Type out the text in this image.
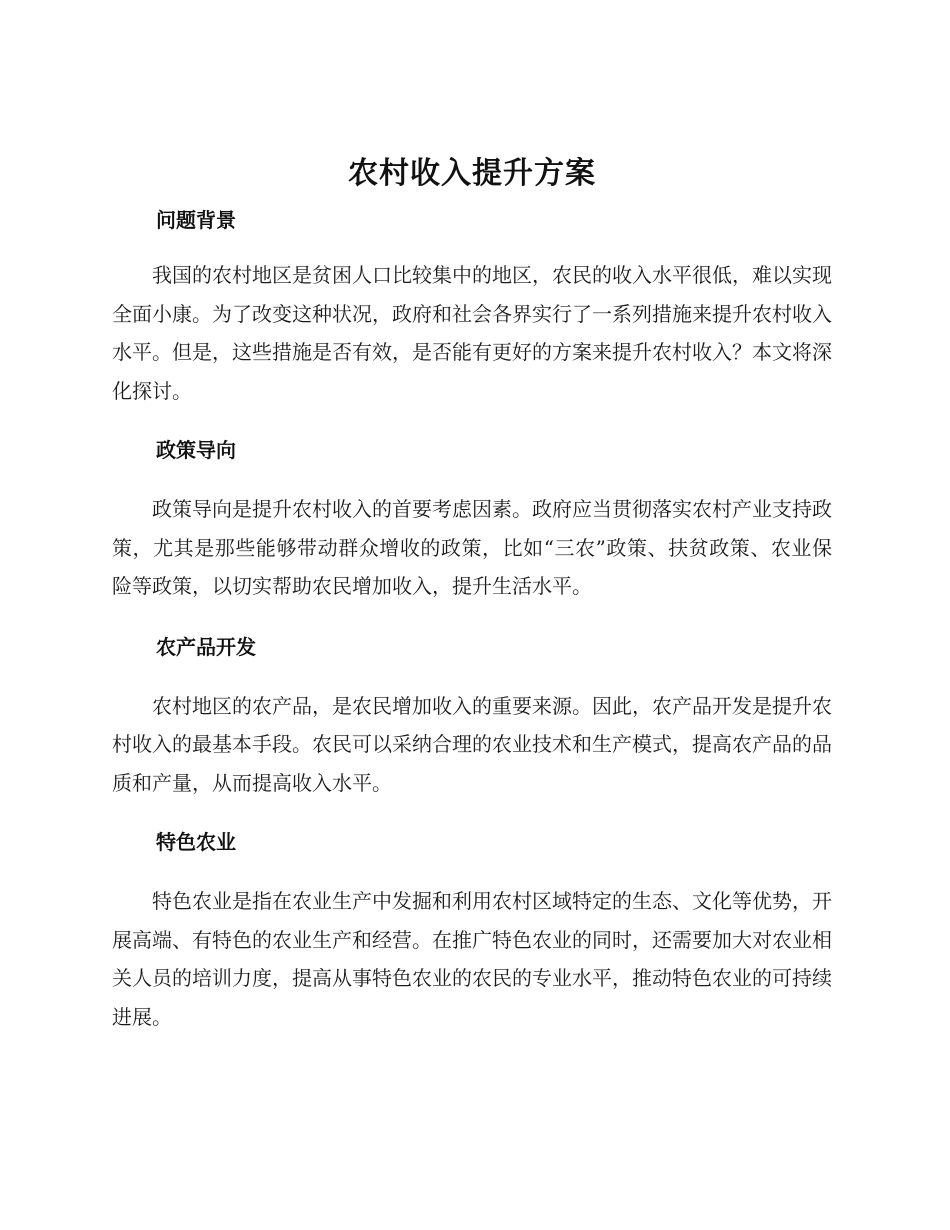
农村收入提升方案
问题背景

我国的农村地区是贫困人口比较集中的地区，农民的收入水平很低，难以实现全面小康。为了改变这种状况，政府和社会各界实行了一系列措施来提升农村收入水平。但是，这些措施是否有效，是否能有更好的方案来提升农村收入？本文将深化探讨。

政策导向

政策导向是提升农村收入的首要考虑因素。政府应当贯彻落实农村产业支持政策，尤其是那些能够带动群众增收的政策，比如“三农”政策、扶贫政策、农业保险等政策，以切实帮助农民增加收入，提升生活水平。

农产品开发

农村地区的农产品，是农民增加收入的重要来源。因此，农产品开发是提升农村收入的最基本手段。农民可以采纳合理的农业技术和生产模式，提高农产品的品质和产量，从而提高收入水平。

特色农业

特色农业是指在农业生产中发掘和利用农村区域特定的生态、文化等优势，开展高端、有特色的农业生产和经营。在推广特色农业的同时，还需要加大对农业相关人员的培训力度，提高从事特色农业的农民的专业水平，推动特色农业的可持续进展。
